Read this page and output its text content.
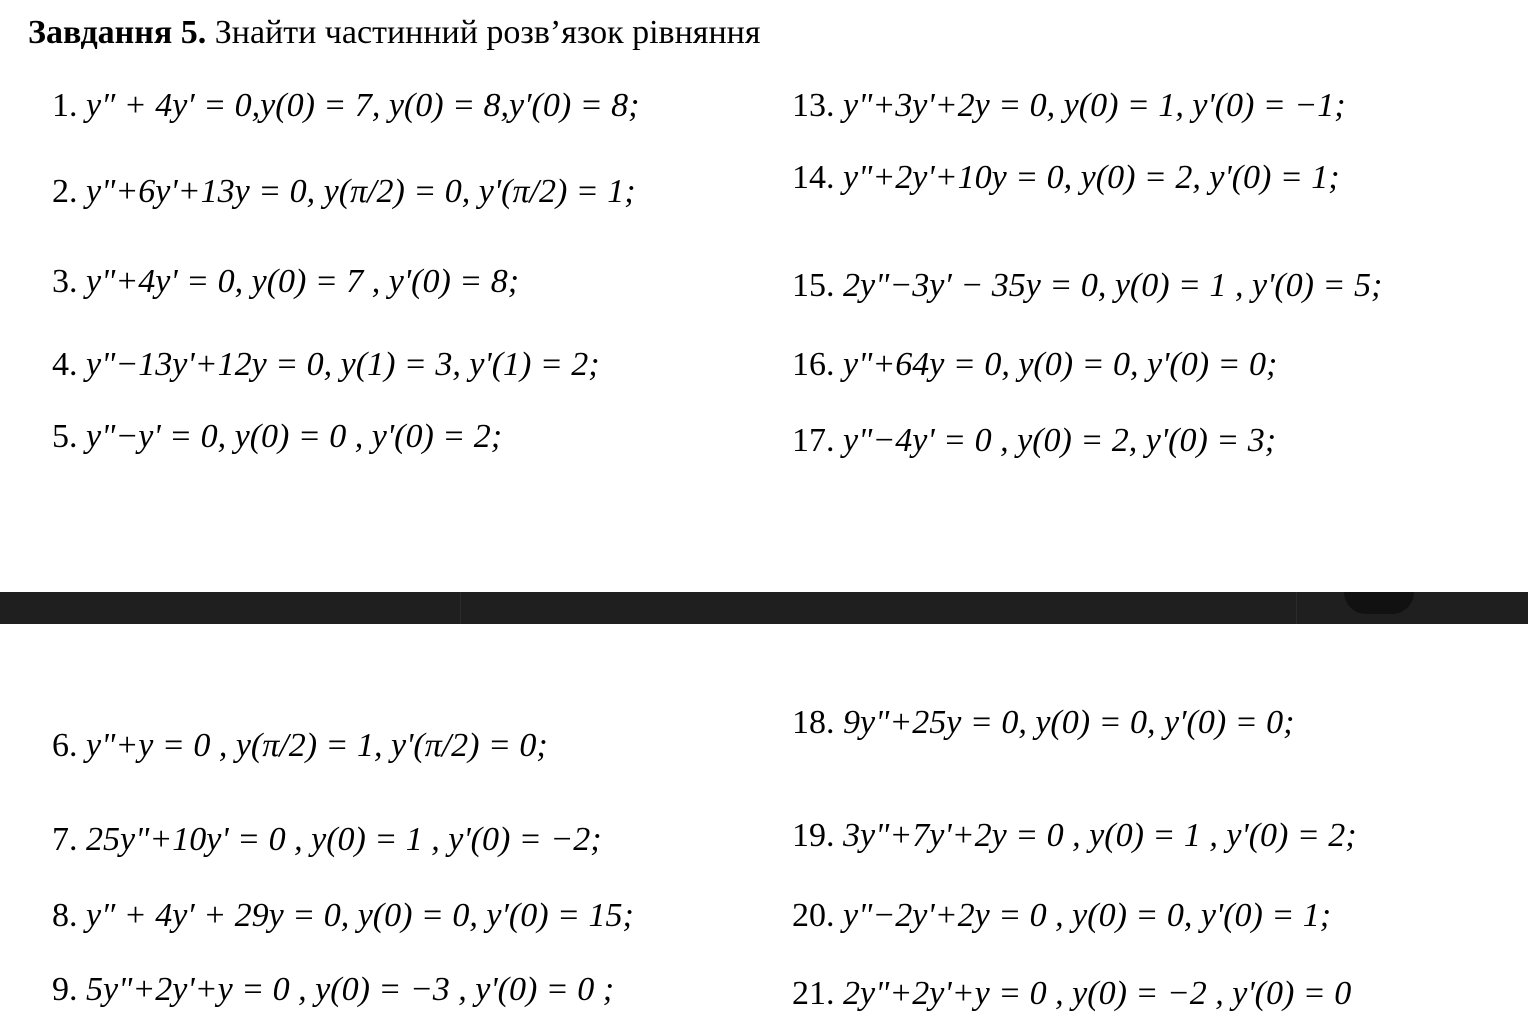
Завдання 5. Знайти частинний розв’язок рівняння
1. y″ + 4y′ = 0,y(0) = 7, y(0) = 8,y′(0) = 8;
2. y"+6y'+13y = 0, y(π/2) = 0, y'(π/2) = 1;
3. y"+4y' = 0, y(0) = 7 , y'(0) = 8;
4. y"−13y'+12y = 0, y(1) = 3, y'(1) = 2;
5. y"−y' = 0, y(0) = 0 , y'(0) = 2;
13. y"+3y'+2y = 0, y(0) = 1, y'(0) = −1;
14. y"+2y'+10y = 0, y(0) = 2, y'(0) = 1;
15. 2y"−3y′ − 35y = 0, y(0) = 1 , y'(0) = 5;
16. y"+64y = 0, y(0) = 0, y'(0) = 0;
17. y"−4y' = 0 , y(0) = 2, y'(0) = 3;
6. y"+y = 0 , y(π/2) = 1, y'(π/2) = 0;
7. 25y"+10y' = 0 , y(0) = 1 , y'(0) = −2;
8. y″ + 4y′ + 29y = 0, y(0) = 0, y′(0) = 15;
9. 5y"+2y'+y = 0 , y(0) = −3 , y'(0) = 0 ;
18. 9y"+25y = 0, y(0) = 0, y′(0) = 0;
19. 3y"+7y'+2y = 0 , y(0) = 1 , y'(0) = 2;
20. y"−2y'+2y = 0 , y(0) = 0, y'(0) = 1;
21. 2y"+2y'+y = 0 , y(0) = −2 , y'(0) = 0
